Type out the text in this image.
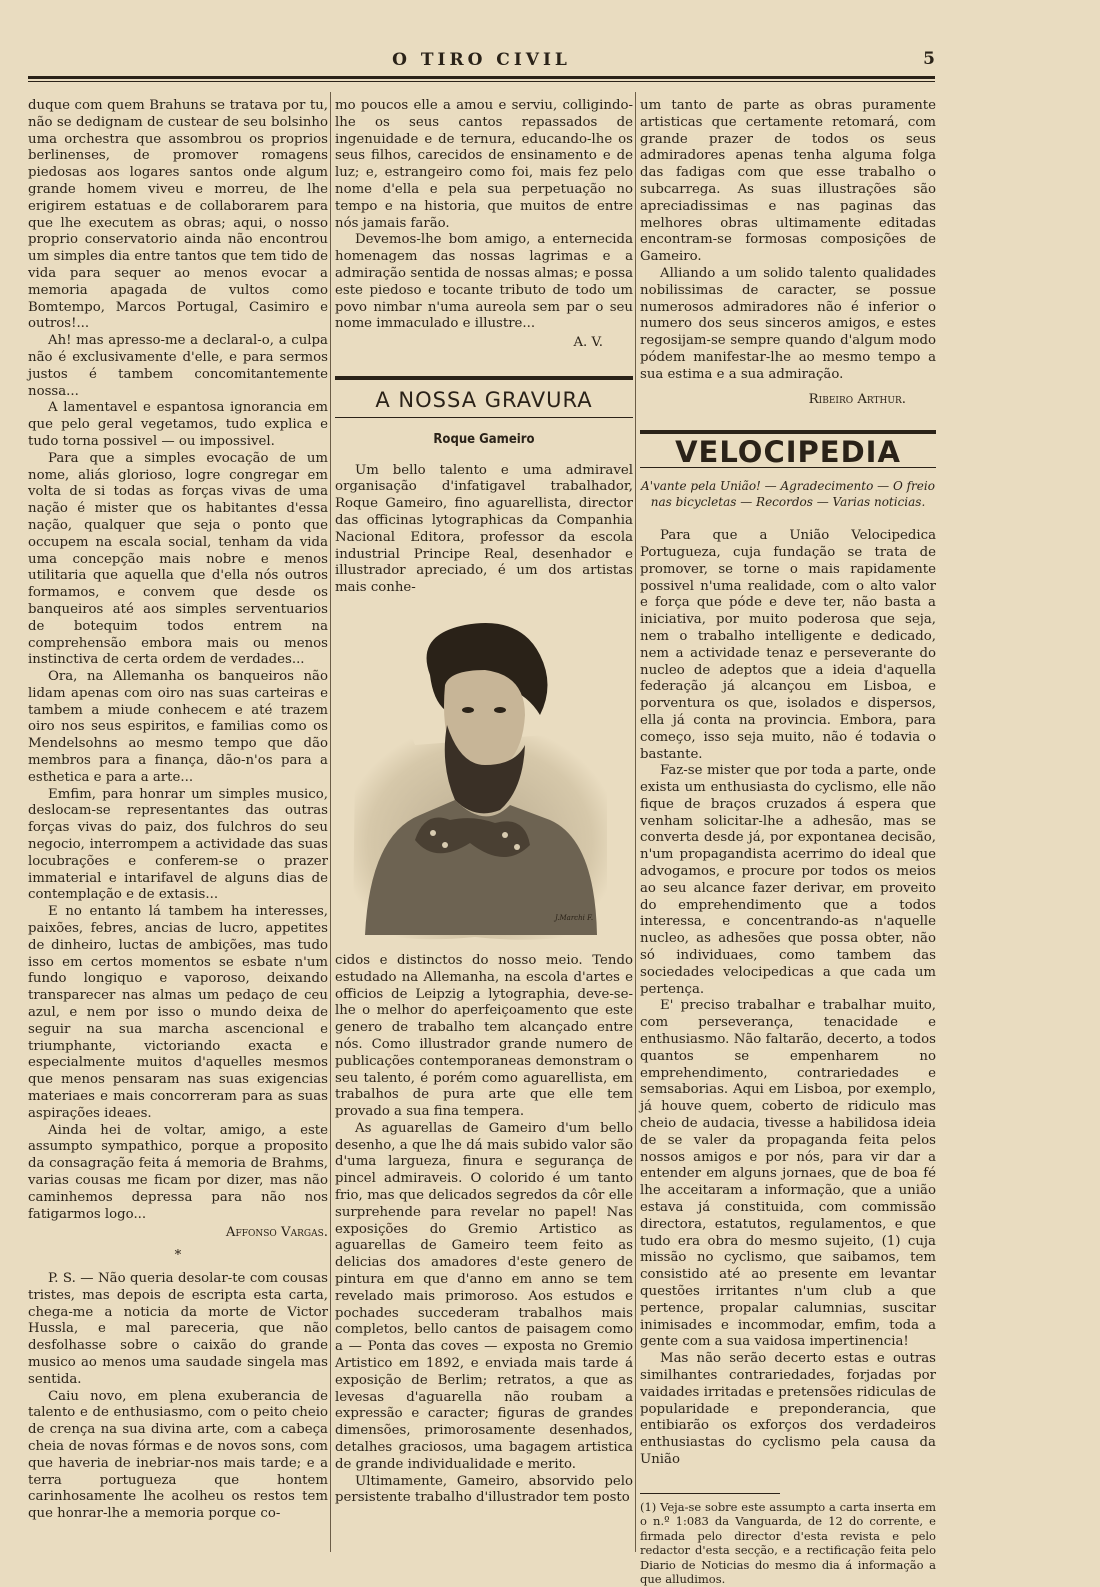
O TIRO CIVIL	5

duque com quem Brahuns se tratava por tu, não se dedignam de custear de seu bolsinho uma orchestra que assombrou os proprios berlinenses, de promover romagens piedosas aos logares santos onde algum grande homem viveu e morreu, de lhe erigirem estatuas e de collaborarem para que lhe executem as obras; aqui, o nosso proprio conservatorio ainda não encontrou um simples dia entre tantos que tem tido de vida para sequer ao menos evocar a memoria apagada de vultos como Bomtempo, Marcos Portugal, Casimiro e outros!...

Ah! mas apresso-me a declaral-o, a culpa não é exclusivamente d'elle, e para sermos justos é tambem concomitantemente nossa...

A lamentavel e espantosa ignorancia em que pelo geral vegetamos, tudo explica e tudo torna possivel — ou impossivel.

Para que a simples evocação de um nome, aliás glorioso, logre congregar em volta de si todas as forças vivas de uma nação é mister que os habitantes d'essa nação, qualquer que seja o ponto que occupem na escala social, tenham da vida uma concepção mais nobre e menos utilitaria que aquella que d'ella nós outros formamos, e convem que desde os banqueiros até aos simples serventuarios de botequim todos entrem na comprehensão embora mais ou menos instinctiva de certa ordem de verdades...

Ora, na Allemanha os banqueiros não lidam apenas com oiro nas suas carteiras e tambem a miude conhecem e até trazem oiro nos seus espiritos, e familias como os Mendelsohns ao mesmo tempo que dão membros para a finança, dão-n'os para a esthetica e para a arte...

Emfim, para honrar um simples musico, deslocam-se representantes das outras forças vivas do paiz, dos fulchros do seu negocio, interrompem a actividade das suas locubrações e conferem-se o prazer immaterial e intarifavel de alguns dias de contemplação e de extasis...

E no entanto lá tambem ha interesses, paixões, febres, ancias de lucro, appetites de dinheiro, luctas de ambições, mas tudo isso em certos momentos se esbate n'um fundo longiquo e vaporoso, deixando transparecer nas almas um pedaço de ceu azul, e nem por isso o mundo deixa de seguir na sua marcha ascencional e triumphante, victoriando exacta e especialmente muitos d'aquelles mesmos que menos pensaram nas suas exigencias materiaes e mais concorreram para as suas aspirações ideaes.

Ainda hei de voltar, amigo, a este assumpto sympathico, porque a proposito da consagração feita á memoria de Brahms, varias cousas me ficam por dizer, mas não caminhemos depressa para não nos fatigarmos logo...

Affonso Vargas.
*

P. S. — Não queria desolar-te com cousas tristes, mas depois de escripta esta carta, chega-me a noticia da morte de Victor Hussla, e mal pareceria, que não desfolhasse sobre o caixão do grande musico ao menos uma saudade singela mas sentida.

Caiu novo, em plena exuberancia de talento e de enthusiasmo, com o peito cheio de crença na sua divina arte, com a cabeça cheia de novas fórmas e de novos sons, com que haveria de inebriar-nos mais tarde; e a terra portugueza que hontem carinhosamente lhe acolheu os restos tem que honrar-lhe a memoria porque co-

mo poucos elle a amou e serviu, colligindo-lhe os seus cantos repassados de ingenuidade e de ternura, educando-lhe os seus filhos, carecidos de ensinamento e de luz; e, estrangeiro como foi, mais fez pelo nome d'ella e pela sua perpetuação no tempo e na historia, que muitos de entre nós jamais farão.

Devemos-lhe bom amigo, a enternecida homenagem das nossas lagrimas e a admiração sentida de nossas almas; e possa este piedoso e tocante tributo de todo um povo nimbar n'uma aureola sem par o seu nome immaculado e illustre...

A. V.
A NOSSA GRAVURA
Roque Gameiro

Um bello talento e uma admiravel organisação d'infatigavel trabalhador, Roque Gameiro, fino aguarellista, director das officinas lytographicas da Companhia Nacional Editora, professor da escola industrial Principe Real, desenhador e illustrador apreciado, é um dos artistas mais conhe-

J.Marchi F.

cidos e distinctos do nosso meio. Tendo estudado na Allemanha, na escola d'artes e officios de Leipzig a lytographia, deve-se-lhe o melhor do aperfeiçoamento que este genero de trabalho tem alcançado entre nós. Como illustrador grande numero de publicações contemporaneas demonstram o seu talento, é porém como aguarellista, em trabalhos de pura arte que elle tem provado a sua fina tempera.

As aguarellas de Gameiro d'um bello desenho, a que lhe dá mais subido valor são d'uma largueza, finura e segurança de pincel admiraveis. O colorido é um tanto frio, mas que delicados segredos da côr elle surprehende para revelar no papel! Nas exposições do Gremio Artistico as aguarellas de Gameiro teem feito as delicias dos amadores d'este genero de pintura em que d'anno em anno se tem revelado mais primoroso. Aos estudos e pochades succederam trabalhos mais completos, bello cantos de paisagem como a — Ponta das coves — exposta no Gremio Artistico em 1892, e enviada mais tarde á exposição de Berlim; retratos, a que as levesas d'aguarella não roubam a expressão e caracter; figuras de grandes dimensões, primorosamente desenhados, detalhes graciosos, uma bagagem artistica de grande individualidade e merito.

Ultimamente, Gameiro, absorvido pelo persistente trabalho d'illustrador tem posto

um tanto de parte as obras puramente artisticas que certamente retomará, com grande prazer de todos os seus admiradores apenas tenha alguma folga das fadigas com que esse trabalho o subcarrega. As suas illustrações são apreciadissimas e nas paginas das melhores obras ultimamente editadas encontram-se formosas composições de Gameiro.

Alliando a um solido talento qualidades nobilissimas de caracter, se possue numerosos admiradores não é inferior o numero dos seus sinceros amigos, e estes regosijam-se sempre quando d'algum modo pódem manifestar-lhe ao mesmo tempo a sua estima e a sua admiração.

Ribeiro Arthur.
VELOCIPEDIA
A'vante pela União! — Agradecimento — O freio nas bicycletas — Recordos — Varias noticias.

Para que a União Velocipedica Portugueza, cuja fundação se trata de promover, se torne o mais rapidamente possivel n'uma realidade, com o alto valor e força que póde e deve ter, não basta a iniciativa, por muito poderosa que seja, nem o trabalho intelligente e dedicado, nem a actividade tenaz e perseverante do nucleo de adeptos que a ideia d'aquella federação já alcançou em Lisboa, e porventura os que, isolados e dispersos, ella já conta na provincia. Embora, para começo, isso seja muito, não é todavia o bastante.

Faz-se mister que por toda a parte, onde exista um enthusiasta do cyclismo, elle não fique de braços cruzados á espera que venham solicitar-lhe a adhesão, mas se converta desde já, por expontanea decisão, n'um propagandista acerrimo do ideal que advogamos, e procure por todos os meios ao seu alcance fazer derivar, em proveito do emprehendimento que a todos interessa, e concentrando-as n'aquelle nucleo, as adhesões que possa obter, não só individuaes, como tambem das sociedades velocipedicas a que cada um pertença.

E' preciso trabalhar e trabalhar muito, com perseverança, tenacidade e enthusiasmo. Não faltarão, decerto, a todos quantos se empenharem no emprehendimento, contrariedades e semsaborias. Aqui em Lisboa, por exemplo, já houve quem, coberto de ridiculo mas cheio de audacia, tivesse a habilidosa ideia de se valer da propaganda feita pelos nossos amigos e por nós, para vir dar a entender em alguns jornaes, que de boa fé lhe acceitaram a informação, que a união estava já constituida, com commissão directora, estatutos, regulamentos, e que tudo era obra do mesmo sujeito, (1) cuja missão no cyclismo, que saibamos, tem consistido até ao presente em levantar questões irritantes n'um club a que pertence, propalar calumnias, suscitar inimisades e incommodar, emfim, toda a gente com a sua vaidosa impertinencia!

Mas não serão decerto estas e outras similhantes contrariedades, forjadas por vaidades irritadas e pretensões ridiculas de popularidade e preponderancia, que entibiarão os exforços dos verdadeiros enthusiastas do cyclismo pela causa da União

(1) Veja-se sobre este assumpto a carta inserta em o n.º 1:083 da Vanguarda, de 12 do corrente, e firmada pelo director d'esta revista e pelo redactor d'esta secção, e a rectificação feita pelo Diario de Noticias do mesmo dia á informação a que alludimos.
